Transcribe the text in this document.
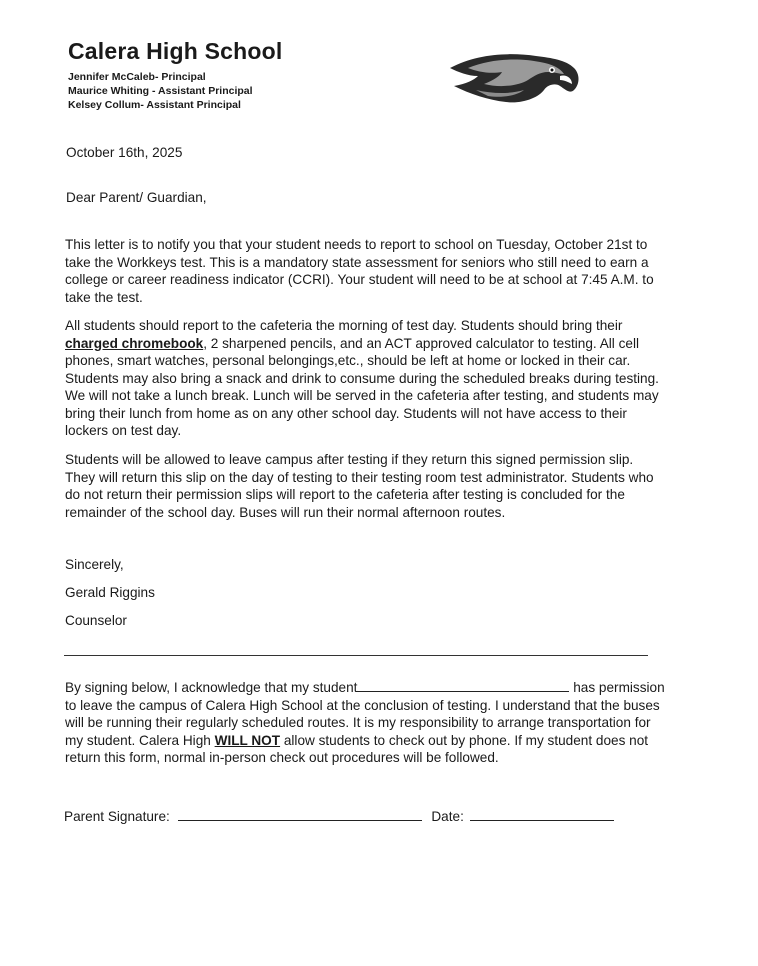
Calera High School
Jennifer McCaleb- Principal
Maurice Whiting - Assistant Principal
Kelsey Collum- Assistant Principal
October 16th, 2025
Dear Parent/ Guardian,

This letter is to notify you that your student needs to report to school on Tuesday, October 21st to take the Workkeys test. This is a mandatory state assessment for seniors who still need to earn a college or career readiness indicator (CCRI). Your student will need to be at school at 7:45 A.M. to take the test.

All students should report to the cafeteria the morning of test day. Students should bring their charged chromebook, 2 sharpened pencils, and an ACT approved calculator to testing. All cell phones, smart watches, personal belongings,etc., should be left at home or locked in their car. Students may also bring a snack and drink to consume during the scheduled breaks during testing. We will not take a lunch break. Lunch will be served in the cafeteria after testing, and students may bring their lunch from home as on any other school day. Students will not have access to their lockers on test day.

Students will be allowed to leave campus after testing if they return this signed permission slip. They will return this slip on the day of testing to their testing room test administrator. Students who do not return their permission slips will report to the cafeteria after testing is concluded for the remainder of the school day. Buses will run their normal afternoon routes.

Sincerely,
Gerald Riggins
Counselor

By signing below, I acknowledge that my student	has permission to leave the campus of Calera High School at the conclusion of testing. I understand that the buses will be running their regularly scheduled routes. It is my responsibility to arrange transportation for my student. Calera High WILL NOT allow students to check out by phone. If my student does not return this form, normal in-person check out procedures will be followed.

Parent Signature:	Date:
